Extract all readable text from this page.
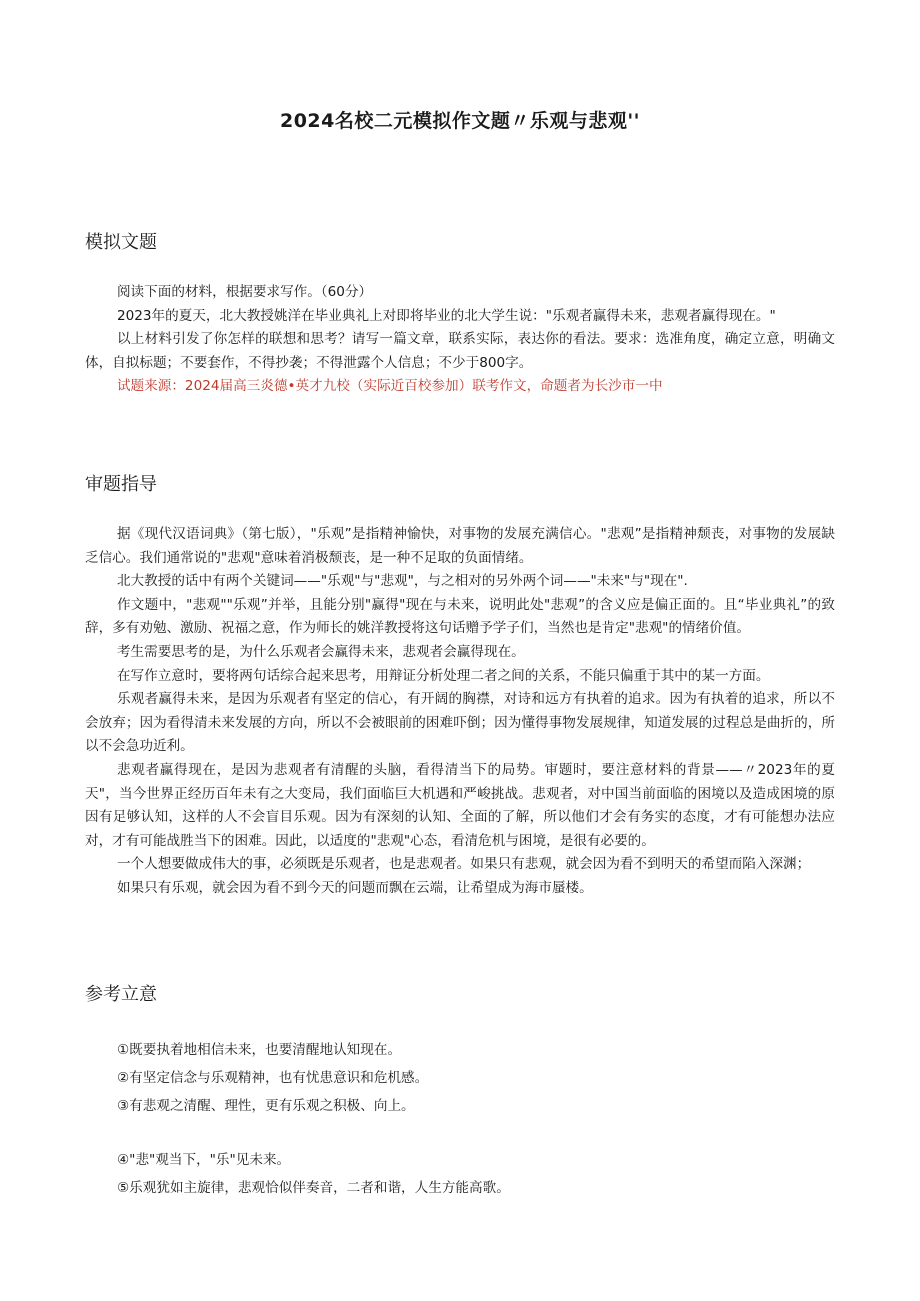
2024名校二元模拟作文题〃乐观与悲观''
模拟文题

阅读下面的材料，根据要求写作。（60分）

2023年的夏天，北大教授姚洋在毕业典礼上对即将毕业的北大学生说："乐观者赢得未来，悲观者赢得现在。"

以上材料引发了你怎样的联想和思考？请写一篇文章，联系实际，表达你的看法。要求：选准角度，确定立意，明确文体，自拟标题；不要套作，不得抄袭；不得泄露个人信息；不少于800字。

试题来源：2024届高三炎德•英才九校（实际近百校参加）联考作文，命题者为长沙市一中

审题指导

据《现代汉语词典》（第七版），"乐观”是指精神愉快，对事物的发展充满信心。"悲观”是指精神颓丧，对事物的发展缺乏信心。我们通常说的"悲观"意味着消极颓丧，是一种不足取的负面情绪。

北大教授的话中有两个关键词——"乐观"与"悲观"，与之相对的另外两个词——"未来"与"现在".

作文题中，"悲观""乐观”并举，且能分别"赢得"现在与未来，说明此处"悲观”的含义应是偏正面的。且“毕业典礼”的致辞，多有劝勉、激励、祝福之意，作为师长的姚洋教授将这句话赠予学子们，当然也是肯定"悲观"的情绪价值。

考生需要思考的是，为什么乐观者会赢得未来，悲观者会赢得现在。

在写作立意时，要将两句话综合起来思考，用辩证分析处理二者之间的关系，不能只偏重于其中的某一方面。

乐观者赢得未来，是因为乐观者有坚定的信心，有开阔的胸襟，对诗和远方有执着的追求。因为有执着的追求，所以不会放弃；因为看得清未来发展的方向，所以不会被眼前的困难吓倒；因为懂得事物发展规律，知道发展的过程总是曲折的，所以不会急功近利。

悲观者赢得现在，是因为悲观者有清醒的头脑，看得清当下的局势。审题时，要注意材料的背景——〃2023年的夏天"，当今世界正经历百年未有之大变局，我们面临巨大机遇和严峻挑战。悲观者，对中国当前面临的困境以及造成困境的原因有足够认知，这样的人不会盲目乐观。因为有深刻的认知、全面的了解，所以他们才会有务实的态度，才有可能想办法应对，才有可能战胜当下的困难。因此，以适度的"悲观"心态，看清危机与困境，是很有必要的。

一个人想要做成伟大的事，必须既是乐观者，也是悲观者。如果只有悲观，就会因为看不到明天的希望而陷入深渊；

如果只有乐观，就会因为看不到今天的问题而飘在云端，让希望成为海市蜃楼。

参考立意
①既要执着地相信未来，也要清醒地认知现在。
②有坚定信念与乐观精神，也有忧患意识和危机感。
③有悲观之清醒、理性，更有乐观之积极、向上。
④"悲"观当下，"乐"见未来。
⑤乐观犹如主旋律，悲观恰似伴奏音，二者和谐，人生方能高歌。
